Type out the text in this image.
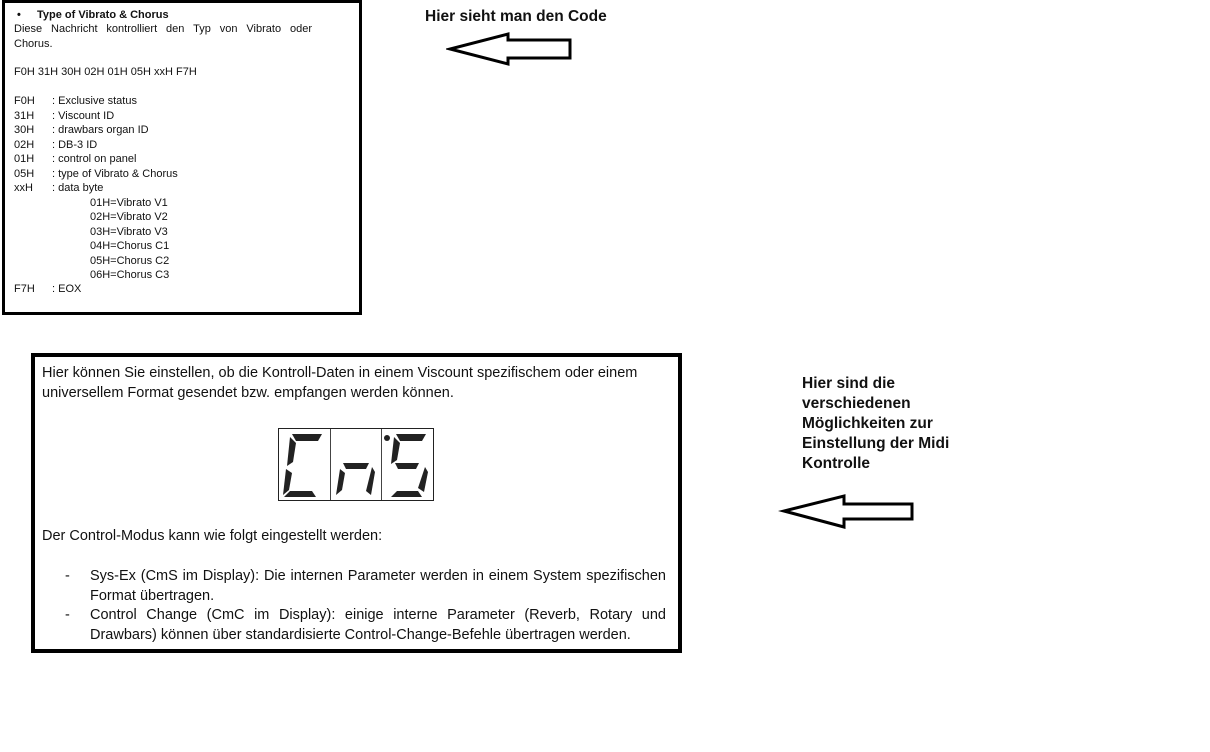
• Type of Vibrato & Chorus
Diese Nachricht kontrolliert den Typ von Vibrato oder Chorus.
F0H 31H 30H 02H 01H 05H xxH F7H
F0H : Exclusive status
31H : Viscount ID
30H : drawbars organ ID
02H : DB-3 ID
01H : control on panel
05H : type of Vibrato & Chorus
xxH : data byte
01H=Vibrato V1
02H=Vibrato V2
03H=Vibrato V3
04H=Chorus C1
05H=Chorus C2
06H=Chorus C3
F7H : EOX
Hier sieht man den Code
Hier können Sie einstellen, ob die Kontroll-Daten in einem Viscount spezifischem oder einem universellem Format gesendet bzw. empfangen werden können.
Der Control-Modus kann wie folgt eingestellt werden:
- Sys-Ex (CmS im Display): Die internen Parameter werden in einem System spezifischen Format übertragen.
- Control Change (CmC im Display): einige interne Parameter (Reverb, Rotary und Drawbars) können über standardisierte Control-Change-Befehle übertragen werden.
Hier sind die verschiedenen Möglichkeiten zur Einstellung der Midi Kontrolle
